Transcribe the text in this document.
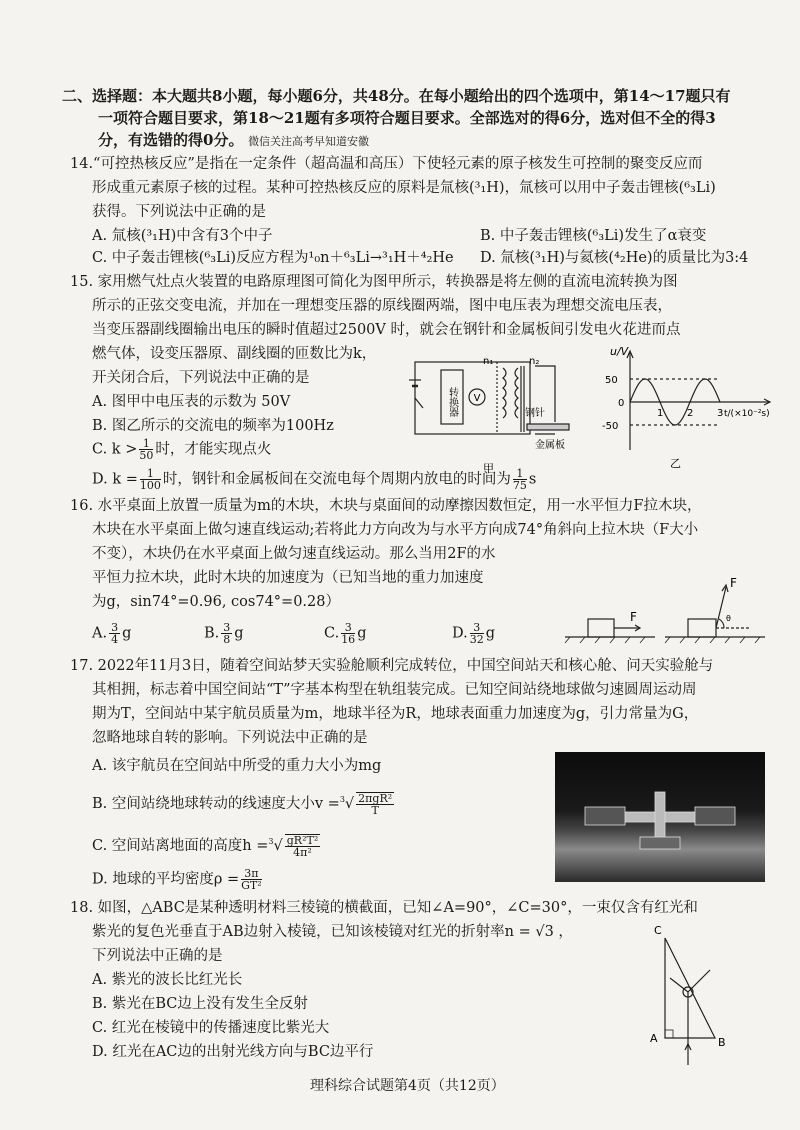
二、选择题：本大题共8小题，每小题6分，共48分。在每小题给出的四个选项中，第14～17题只有
一项符合题目要求，第18～21题有多项符合题目要求。全部选对的得6分，选对但不全的得3
分，有选错的得0分。 微信关注高考早知道安徽
14.“可控热核反应”是指在一定条件（超高温和高压）下使轻元素的原子核发生可控制的聚变反应而
形成重元素原子核的过程。某种可控热核反应的原料是氚核(³₁H)，氚核可以用中子轰击锂核(⁶₃Li)
获得。下列说法中正确的是
A. 氚核(³₁H)中含有3个中子	B. 中子轰击锂核(⁶₃Li)发生了α衰变
C. 中子轰击锂核(⁶₃Li)反应方程为¹₀n＋⁶₃Li→³₁H＋⁴₂He D. 氚核(³₁H)与氦核(⁴₂He)的质量比为3:4
15. 家用燃气灶点火装置的电路原理图可简化为图甲所示，转换器是将左侧的直流电流转换为图
所示的正弦交变电流，并加在一理想变压器的原线圈两端，图中电压表为理想交流电压表，
当变压器副线圈输出电压的瞬时值超过2500V 时，就会在钢针和金属板间引发电火花进而点
燃气体，设变压器原、副线圈的匝数比为k，
开关闭合后，下列说法中正确的是
A. 图甲中电压表的示数为 50V
B. 图乙所示的交流电的频率为100Hz
C. $k > \frac{1}{50}$ 时，才能实现点火
D. $k = \frac{1}{100}$ 时，钢针和金属板间在交流电每个周期内放电的时间为 $\frac{1}{75}$ s
转换器 V
n₁	n₂
钢针
金属板
甲
u/V
50
0
-50
1 2 3 t/(×10⁻²s)
乙
16. 水平桌面上放置一质量为m的木块，木块与桌面间的动摩擦因数恒定，用一水平恒力F拉木块，
木块在水平桌面上做匀速直线运动;若将此力方向改为与水平方向成74°角斜向上拉木块（F大小
不变），木块仍在水平桌面上做匀速直线运动。那么当用2F的水
平恒力拉木块，此时木块的加速度为（已知当地的重力加速度
为g，sin74°=0.96, cos74°=0.28）
A. $\frac{3}{4}$ g	B. $\frac{3}{8}$ g	C. $\frac{3}{16}$ g	D. $\frac{3}{32}$ g
F
F
θ
17. 2022年11月3日，随着空间站梦天实验舱顺利完成转位，中国空间站天和核心舱、问天实验舱与
其相拥，标志着中国空间站“T”字基本构型在轨组装完成。已知空间站绕地球做匀速圆周运动周
期为T，空间站中某宇航员质量为m，地球半径为R，地球表面重力加速度为g，引力常量为G，
忽略地球自转的影响。下列说法中正确的是
A. 该宇航员在空间站中所受的重力大小为mg
B. 空间站绕地球转动的线速度大小$v =^3√ \frac{\text{2πgR²}}{T}$
C. 空间站离地面的高度$h =^3√ \frac{\text{gR²T²}}{\text{4π²}}$
D. 地球的平均密度$\rho = \frac{3\pi}{\text{GT²}}$
18. 如图，△ABC是某种透明材料三棱镜的横截面，已知∠A=90°，∠C=30°，一束仅含有红光和
紫光的复色光垂直于AB边射入棱镜，已知该棱镜对红光的折射率n = √3 ，
下列说法中正确的是
A. 紫光的波长比红光长
B. 紫光在BC边上没有发生全反射
C. 红光在棱镜中的传播速度比紫光大
D. 红光在AC边的出射光线方向与BC边平行
C
A	B
理科综合试题第4页（共12页）
